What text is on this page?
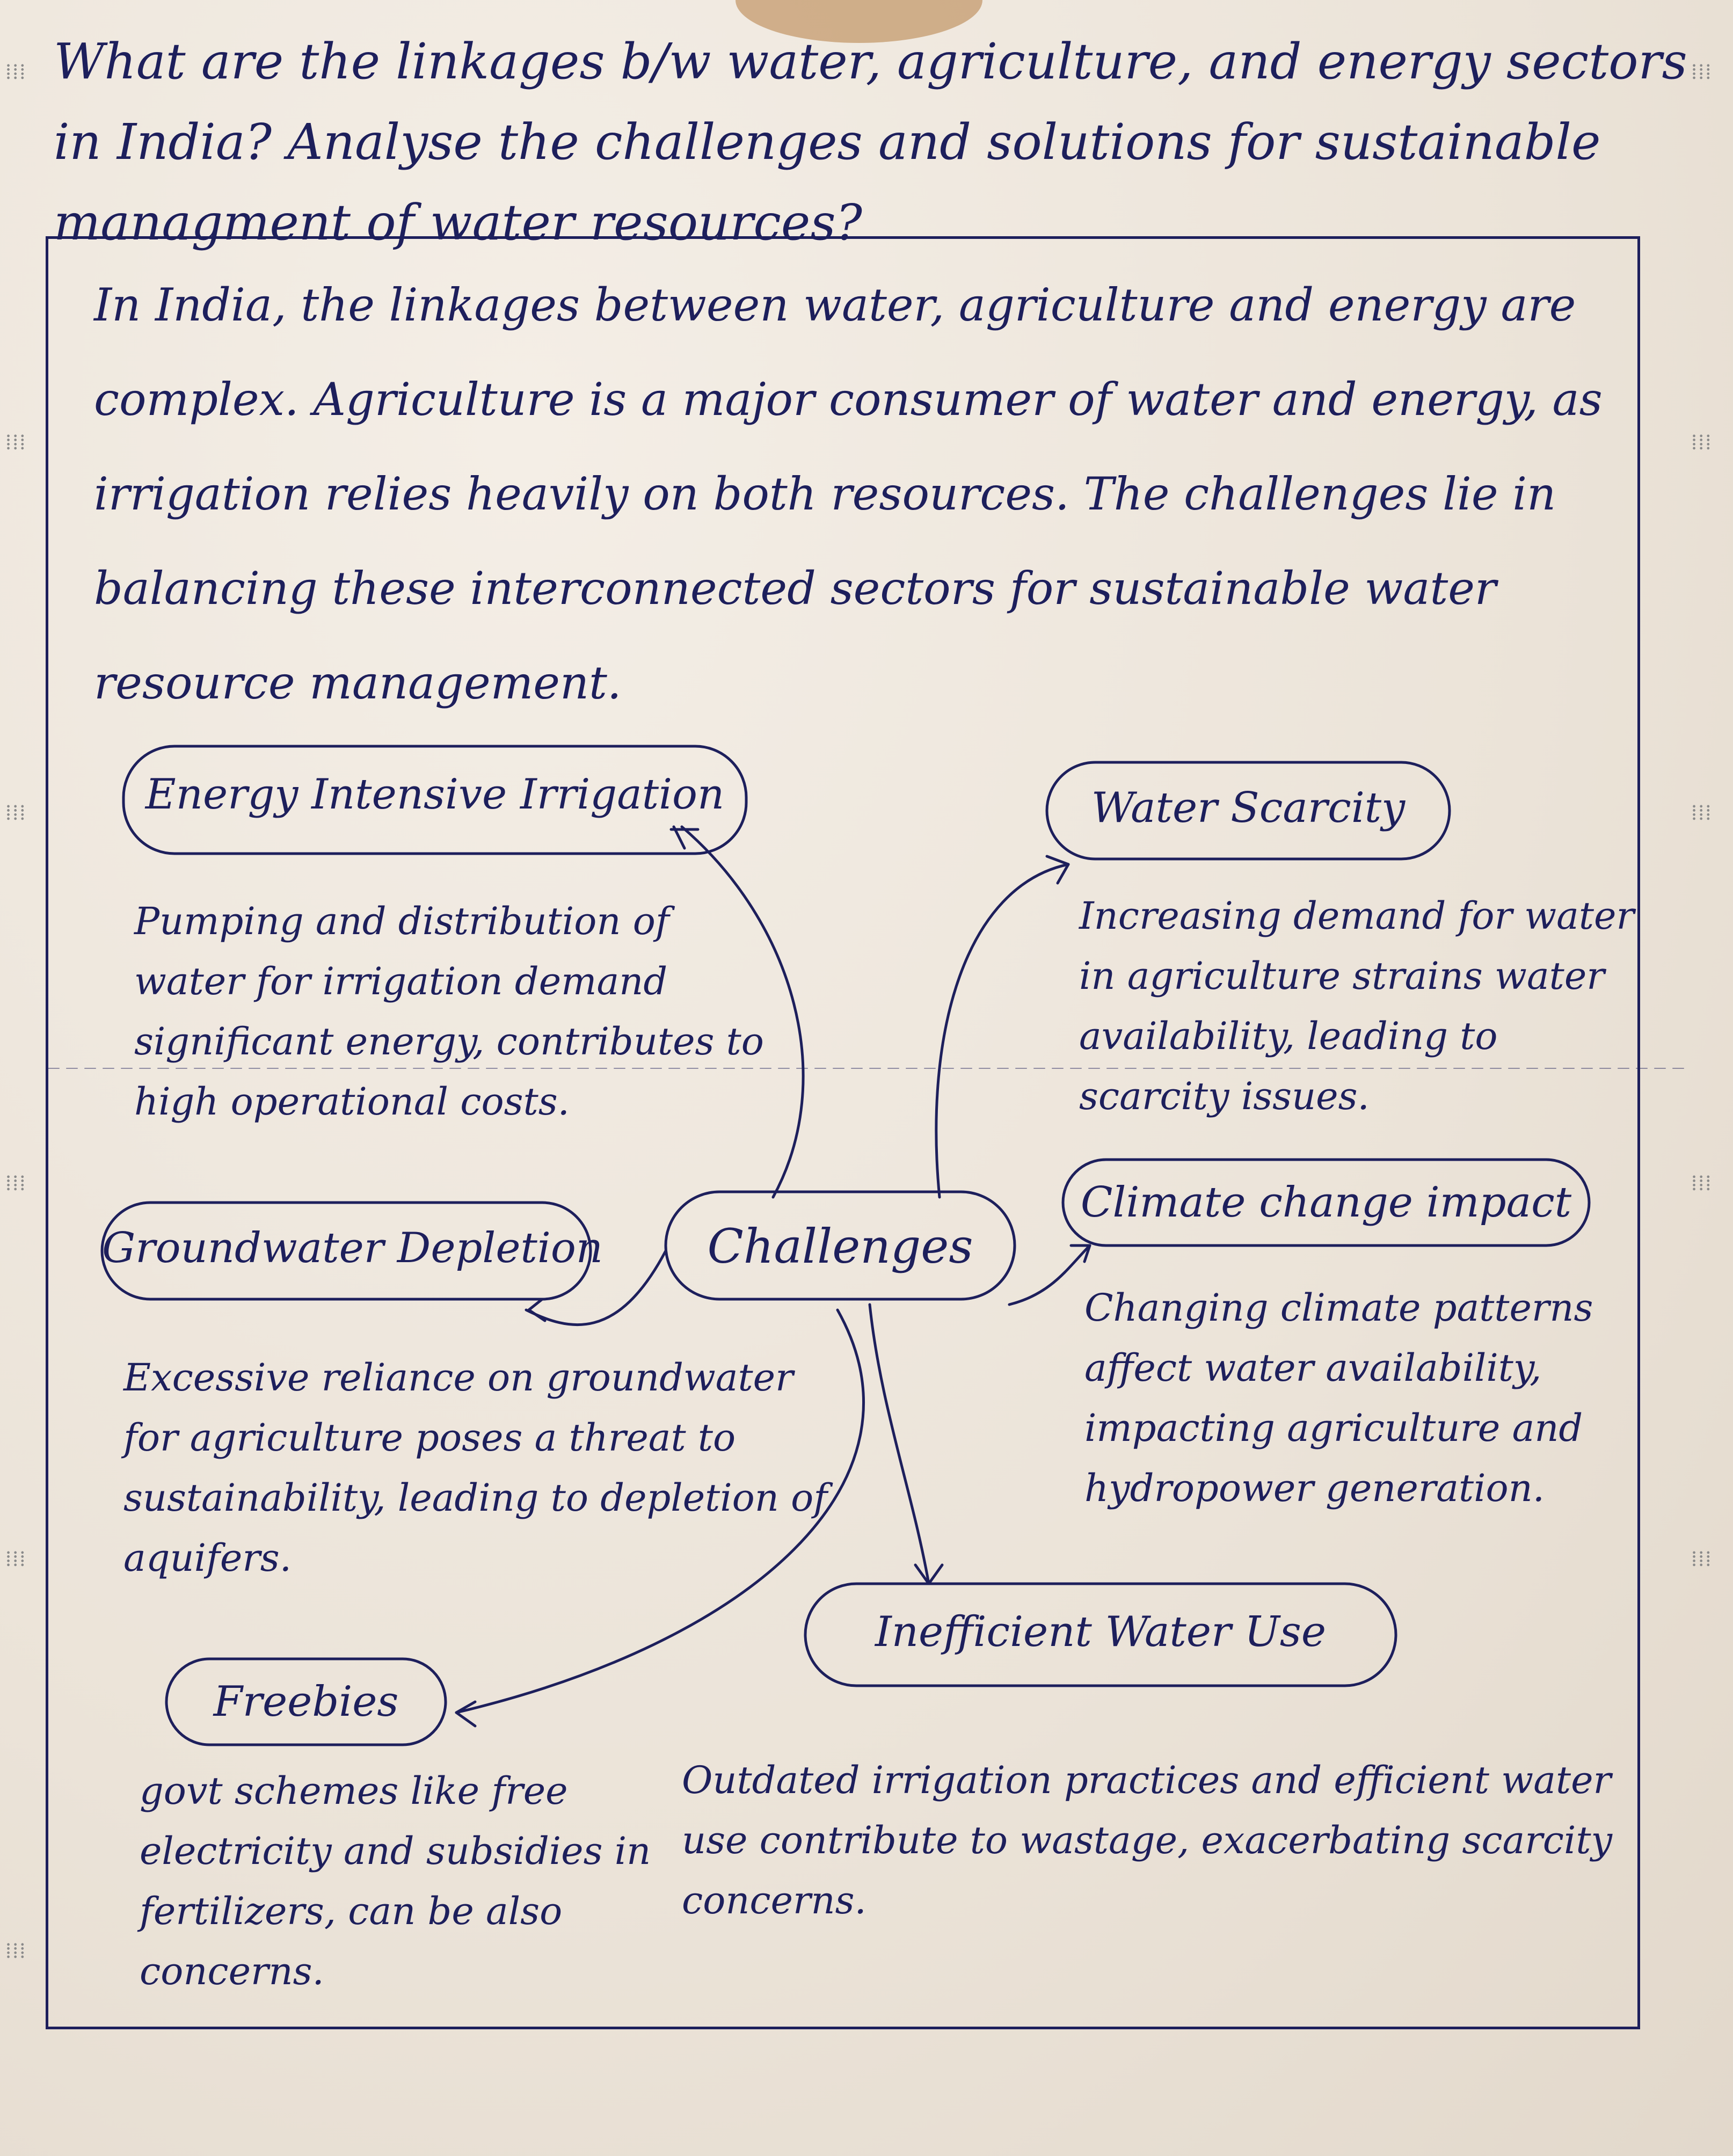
⁞⁞⁞
⁞⁞⁞
⁞⁞⁞
⁞⁞⁞
⁞⁞⁞
⁞⁞⁞
⁞⁞⁞
⁞⁞⁞
⁞⁞⁞
⁞⁞⁞
⁞⁞⁞
What are the linkages b/w water, agriculture, and energy sectors in India? Analyse the challenges and solutions for sustainable managment of water resources?
In India, the linkages between water, agriculture and energy are complex. Agriculture is a major consumer of water and energy, as irrigation relies heavily on both resources. The challenges lie in balancing these interconnected sectors for sustainable water resource management.
Energy Intensive Irrigation	Water Scarcity
Challenges
Groundwater Depletion
Climate change impact
Inefficient Water Use
Freebies
Pumping and distribution of water for irrigation demand significant energy, contributes to high operational costs.
Increasing demand for water in agriculture strains water availability, leading to scarcity issues.
Excessive reliance on groundwater for agriculture poses a threat to sustainability, leading to depletion of aquifers.
Changing climate patterns affect water availability, impacting agriculture and hydropower generation.
Outdated irrigation practices and efficient water use contribute to wastage, exacerbating scarcity concerns.
govt schemes like free electricity and subsidies in fertilizers, can be also concerns.
